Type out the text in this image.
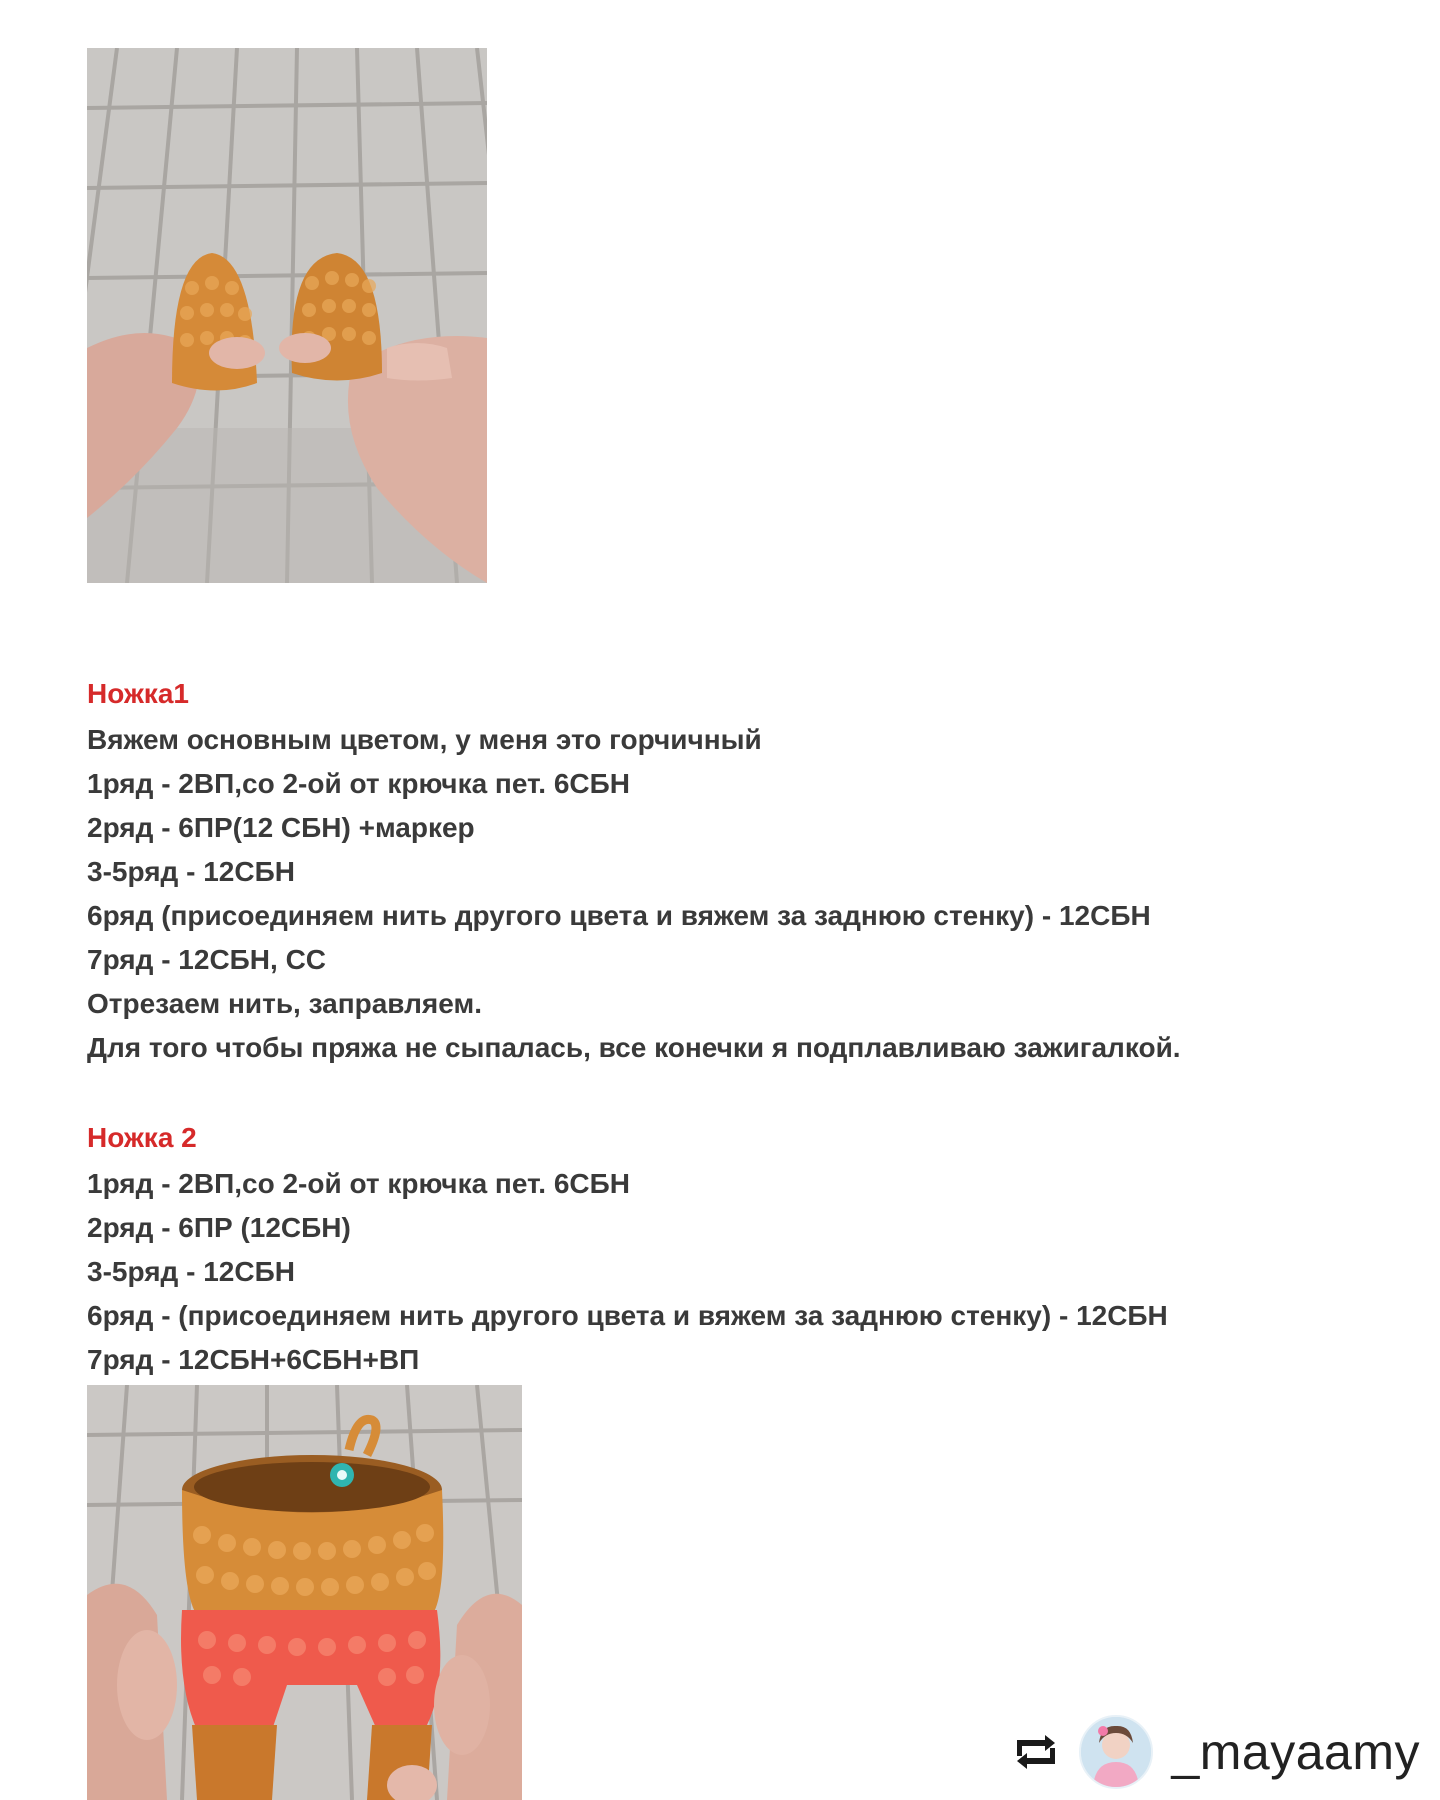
Ножка1

Вяжем основным цветом, у меня это горчичный

1ряд - 2ВП,со 2-ой от крючка пет. 6СБН

2ряд - 6ПР(12 СБН) +маркер

3-5ряд - 12СБН

6ряд (присоединяем нить другого цвета и вяжем за заднюю стенку) - 12СБН

7ряд - 12СБН, СС

Отрезаем нить, заправляем.

Для того чтобы пряжа не сыпалась, все конечки я подплавливаю зажигалкой.

Ножка 2

1ряд - 2ВП,со 2-ой от крючка пет. 6СБН

2ряд - 6ПР (12СБН)

3-5ряд - 12СБН

6ряд - (присоединяем нить другого цвета и вяжем за заднюю стенку) - 12СБН

7ряд - 12СБН+6СБН+ВП

_mayaamy
